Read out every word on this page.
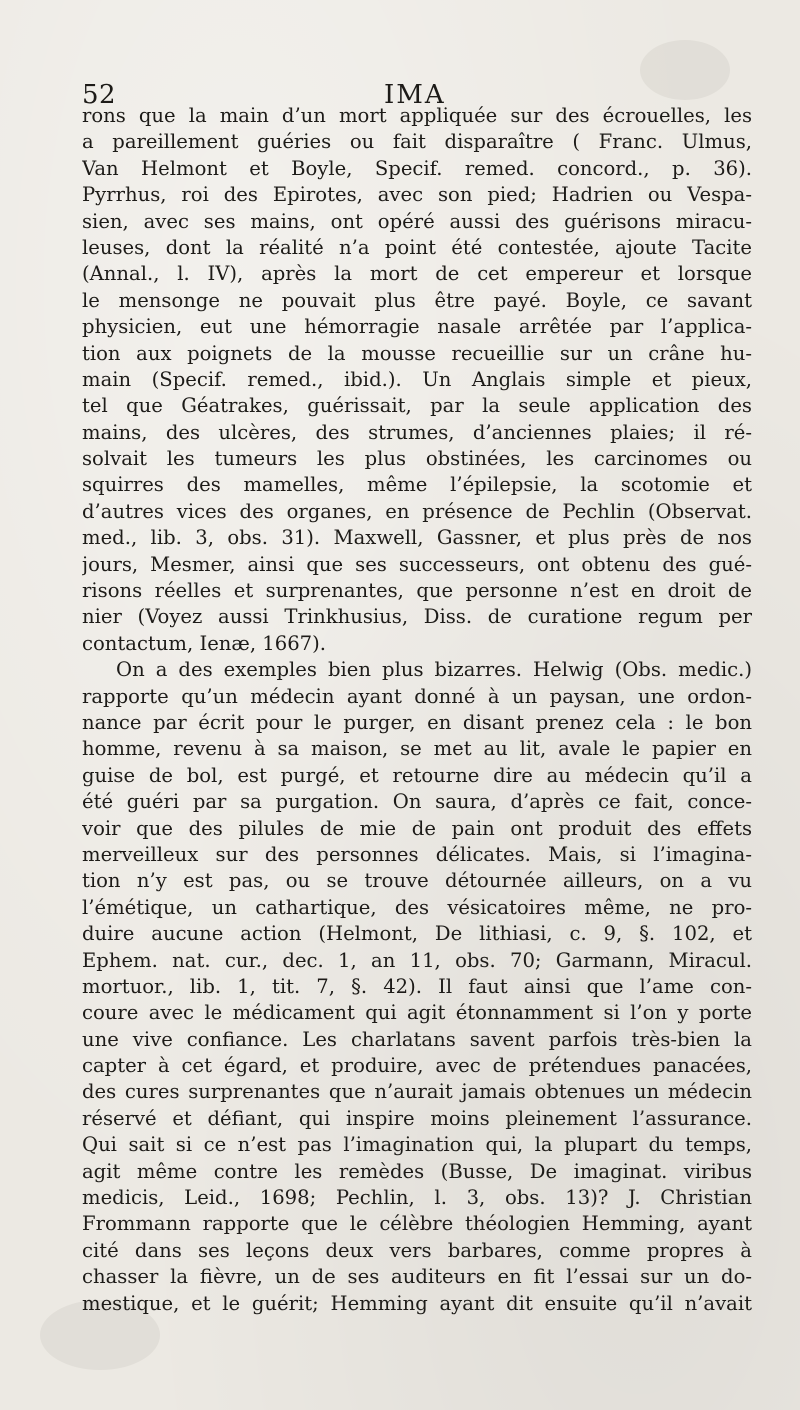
52	IMA
rons que la main d’un mort appliquée sur des écrouelles, les
a pareillement guéries ou fait disparaître ( Franc. Ulmus,
Van Helmont et Boyle, Specif. remed. concord., p. 36).
Pyrrhus, roi des Epirotes, avec son pied; Hadrien ou Vespa-
sien, avec ses mains, ont opéré aussi des guérisons miracu-
leuses, dont la réalité n’a point été contestée, ajoute Tacite
(Annal., l. IV), après la mort de cet empereur et lorsque
le mensonge ne pouvait plus être payé. Boyle, ce savant
physicien, eut une hémorragie nasale arrêtée par l’applica-
tion aux poignets de la mousse recueillie sur un crâne hu-
main (Specif. remed., ibid.). Un Anglais simple et pieux,
tel que Géatrakes, guérissait, par la seule application des
mains, des ulcères, des strumes, d’anciennes plaies; il ré-
solvait les tumeurs les plus obstinées, les carcinomes ou
squirres des mamelles, même l’épilepsie, la scotomie et
d’autres vices des organes, en présence de Pechlin (Observat.
med., lib. 3, obs. 31). Maxwell, Gassner, et plus près de nos
jours, Mesmer, ainsi que ses successeurs, ont obtenu des gué-
risons réelles et surprenantes, que personne n’est en droit de
nier (Voyez aussi Trinkhusius, Diss. de curatione regum per
contactum, Ienæ, 1667).
On a des exemples bien plus bizarres. Helwig (Obs. medic.)
rapporte qu’un médecin ayant donné à un paysan, une ordon-
nance par écrit pour le purger, en disant prenez cela : le bon
homme, revenu à sa maison, se met au lit, avale le papier en
guise de bol, est purgé, et retourne dire au médecin qu’il a
été guéri par sa purgation. On saura, d’après ce fait, conce-
voir que des pilules de mie de pain ont produit des effets
merveilleux sur des personnes délicates. Mais, si l’imagina-
tion n’y est pas, ou se trouve détournée ailleurs, on a vu
l’émétique, un cathartique, des vésicatoires même, ne pro-
duire aucune action (Helmont, De lithiasi, c. 9, §. 102, et
Ephem. nat. cur., dec. 1, an 11, obs. 70; Garmann, Miracul.
mortuor., lib. 1, tit. 7, §. 42). Il faut ainsi que l’ame con-
coure avec le médicament qui agit étonnamment si l’on y porte
une vive confiance. Les charlatans savent parfois très-bien la
capter à cet égard, et produire, avec de prétendues panacées,
des cures surprenantes que n’aurait jamais obtenues un médecin
réservé et défiant, qui inspire moins pleinement l’assurance.
Qui sait si ce n’est pas l’imagination qui, la plupart du temps,
agit même contre les remèdes (Busse, De imaginat. viribus
medicis, Leid., 1698; Pechlin, l. 3, obs. 13)? J. Christian
Frommann rapporte que le célèbre théologien Hemming, ayant
cité dans ses leçons deux vers barbares, comme propres à
chasser la fièvre, un de ses auditeurs en fit l’essai sur un do-
mestique, et le guérit; Hemming ayant dit ensuite qu’il n’avait
